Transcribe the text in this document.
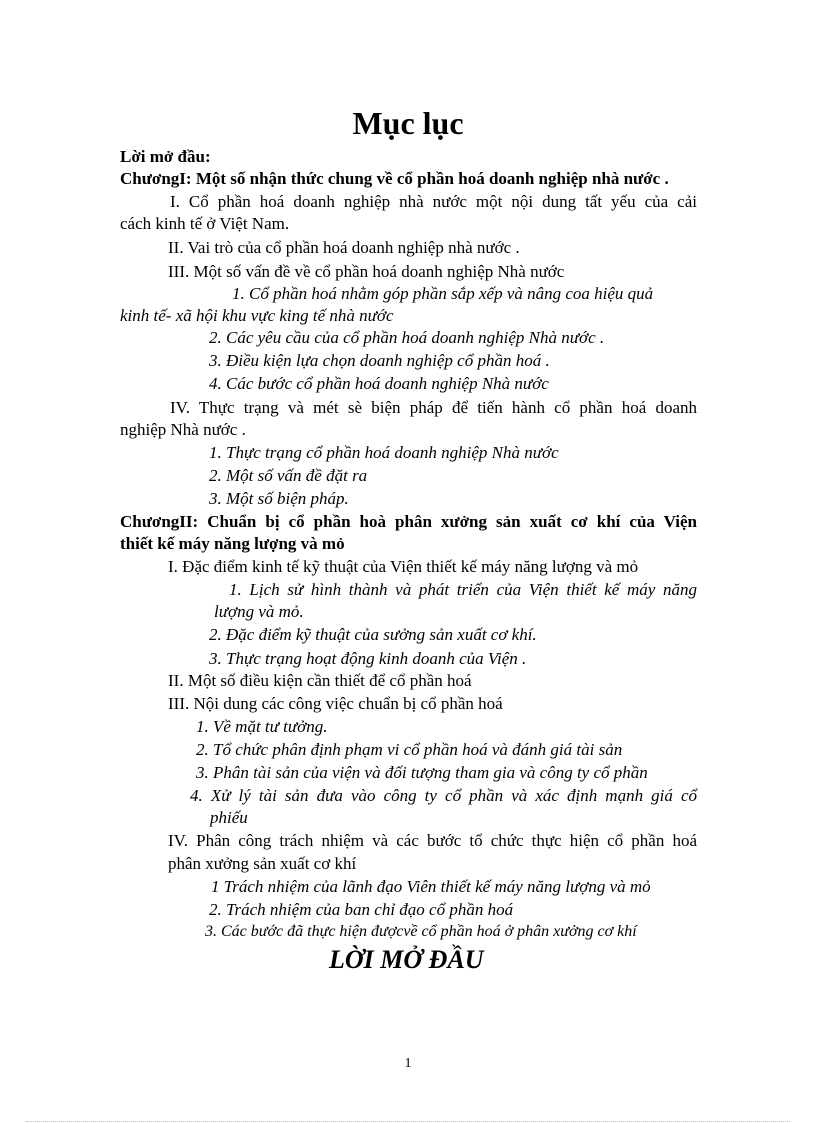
Mục lục
Lời mở đầu:
ChươngI: Một số nhận thức chung về cổ phần hoá doanh nghiệp nhà nước .
I. Cổ phần hoá doanh nghiệp nhà nước một nội dung tất yếu của cải
cách kinh tế ở Việt Nam.
II. Vai trò của cổ phần hoá doanh nghiệp nhà nước .
III. Một số vấn đề về cổ phần hoá doanh nghiệp Nhà nước
1. Cổ phần hoá nhằm góp phần sắp xếp và nâng coa hiệu quả
kinh tế- xã hội khu vực king tế nhà nước
2. Các yêu cầu của cổ phần hoá doanh nghiệp Nhà nước .
3. Điều kiện lựa chọn doanh nghiệp cổ phần hoá .
4. Các bước cổ phần hoá doanh nghiệp Nhà nước
IV. Thực trạng và mét sè biện pháp để tiến hành cổ phần hoá doanh
nghiệp Nhà nước .
1. Thực trạng cổ phần hoá doanh nghiệp Nhà nước
2. Một số vấn đề đặt ra
3. Một số biện pháp.
ChươngII: Chuẩn bị cổ phần hoà phân xưởng sản xuất cơ khí của Viện
thiết kế máy năng lượng và mỏ
I. Đặc điểm kinh tế kỹ thuật của Viện thiết kế máy năng lượng và mỏ
1. Lịch sử hình thành và phát triển của Viện thiết kế máy năng
lượng và mỏ.
2. Đặc điểm kỹ thuật của sưởng sản xuất cơ khí.
3. Thực trạng hoạt động kinh doanh của Viện .
II. Một số điều kiện cần thiết để cổ phần hoá
III. Nội dung các công việc chuẩn bị cổ phần hoá
1. Về mặt tư tưởng.
2. Tổ chức phân định phạm vi cổ phần hoá và đánh giá tài sản
3. Phân tài sản của viện và đối tượng tham gia và công ty cổ phần
4. Xử lý tài sản đưa vào công ty cổ phần và xác định mạnh giá cổ
phiếu
IV. Phân công trách nhiệm và các bước tổ chức thực hiện cổ phần hoá
phân xưởng sản xuất cơ khí
1 Trách nhiệm của lãnh đạo Viên thiết kế máy năng lượng và mỏ
2. Trách nhiệm của ban chỉ đạo cổ phần hoá
3. Các bước đã thực hiện đượcvề cổ phần hoá ở phân xưởng cơ khí
LỜI MỞ ĐẦU
1
